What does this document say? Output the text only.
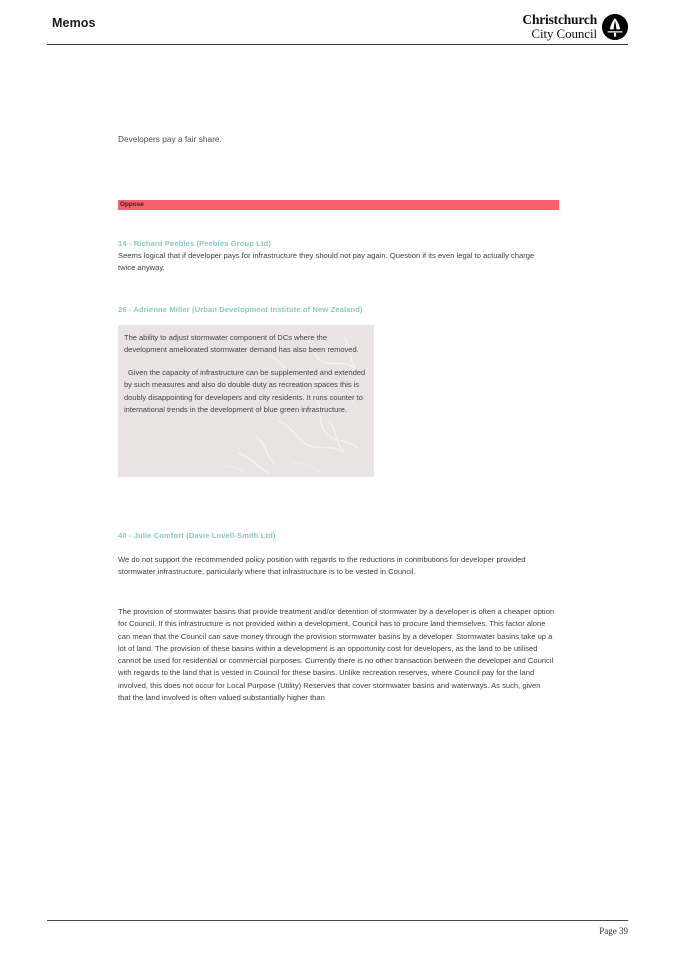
Memos	Christchurch
City Council
Developers pay a fair share.
Oppose
14 - Richard Peebles (Peebles Group Ltd)
Seems logical that if developer pays for infrastructure they should not pay again. Question if its even legal to actually charge twice anyway.
26 - Adrienne Miller (Urban Development Institute of New Zealand)

The ability to adjust stormwater component of DCs where the development ameliorated stormwater demand has also been removed.

Given the capacity of infrastructure can be supplemented and extended by such measures and also do double duty as recreation spaces this is doubly disappointing for developers and city residents. It runs counter to international trends in the development of blue green infrastructure.

40 - Julie Comfort (Davie Lovell-Smith Ltd)
We do not support the recommended policy position with regards to the reductions in contributions for developer provided stormwater infrastructure, particularly where that infrastructure is to be vested in Council.
The provision of stormwater basins that provide treatment and/or detention of stormwater by a developer is often a cheaper option for Council. If this infrastructure is not provided within a development, Council has to procure land themselves. This factor alone can mean that the Council can save money through the provision stormwater basins by a developer. Stormwater basins take up a lot of land. The provision of these basins within a development is an opportunity cost for developers, as the land to be utilised cannot be used for residential or commercial purposes. Currently there is no other transaction between the developer and Council with regards to the land that is vested in Council for these basins. Unlike recreation reserves, where Council pay for the land involved, this does not occur for Local Purpose (Utility) Reserves that cover stormwater basins and waterways. As such, given that the land involved is often valued substantially higher than
Page 39
